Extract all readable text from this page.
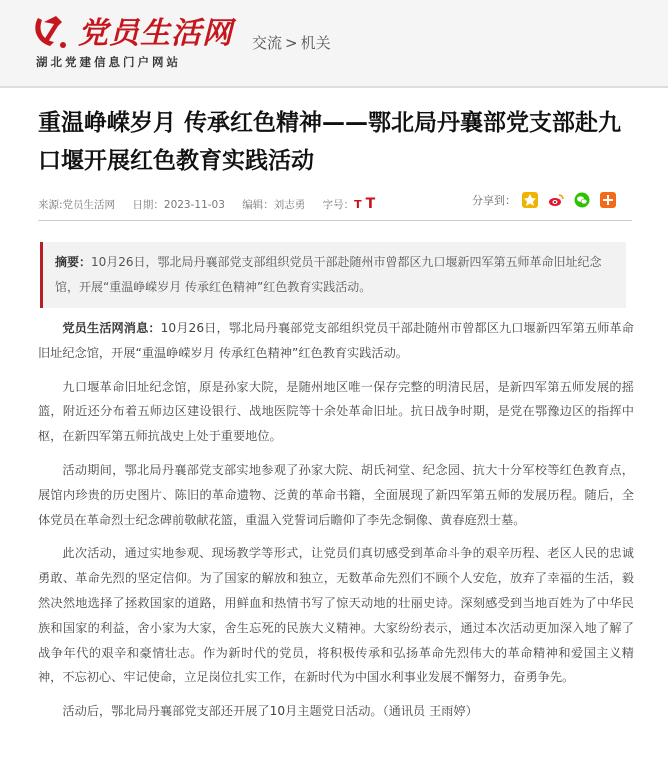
党员生活网
湖北党建信息门户网站
交流 > 机关
重温峥嵘岁月 传承红色精神——鄂北局丹襄部党支部赴九口堰开展红色教育实践活动
来源:党员生活网 日期：2023-11-03 编辑：刘志勇 字号：T T	分享到：
摘要：10月26日，鄂北局丹襄部党支部组织党员干部赴随州市曾都区九口堰新四军第五师革命旧址纪念馆，开展“重温峥嵘岁月 传承红色精神”红色教育实践活动。

党员生活网消息：10月26日，鄂北局丹襄部党支部组织党员干部赴随州市曾都区九口堰新四军第五师革命旧址纪念馆，开展“重温峥嵘岁月 传承红色精神”红色教育实践活动。

九口堰革命旧址纪念馆，原是孙家大院，是随州地区唯一保存完整的明清民居，是新四军第五师发展的摇篮，附近还分布着五师边区建设银行、战地医院等十余处革命旧址。抗日战争时期，是党在鄂豫边区的指挥中枢，在新四军第五师抗战史上处于重要地位。

活动期间，鄂北局丹襄部党支部实地参观了孙家大院、胡氏祠堂、纪念园、抗大十分军校等红色教育点，展馆内珍贵的历史图片、陈旧的革命遗物、泛黄的革命书籍，全面展现了新四军第五师的发展历程。随后，全体党员在革命烈士纪念碑前敬献花篮，重温入党誓词后瞻仰了李先念铜像、黄春庭烈士墓。

此次活动，通过实地参观、现场教学等形式，让党员们真切感受到革命斗争的艰辛历程、老区人民的忠诚勇敢、革命先烈的坚定信仰。为了国家的解放和独立，无数革命先烈们不顾个人安危，放弃了幸福的生活，毅然决然地选择了拯救国家的道路，用鲜血和热情书写了惊天动地的壮丽史诗。深刻感受到当地百姓为了中华民族和国家的利益，舍小家为大家，舍生忘死的民族大义精神。大家纷纷表示，通过本次活动更加深入地了解了战争年代的艰辛和豪情壮志。作为新时代的党员，将积极传承和弘扬革命先烈伟大的革命精神和爱国主义精神，不忘初心、牢记使命，立足岗位扎实工作，在新时代为中国水利事业发展不懈努力，奋勇争先。

活动后，鄂北局丹襄部党支部还开展了10月主题党日活动。（通讯员 王雨婷）
